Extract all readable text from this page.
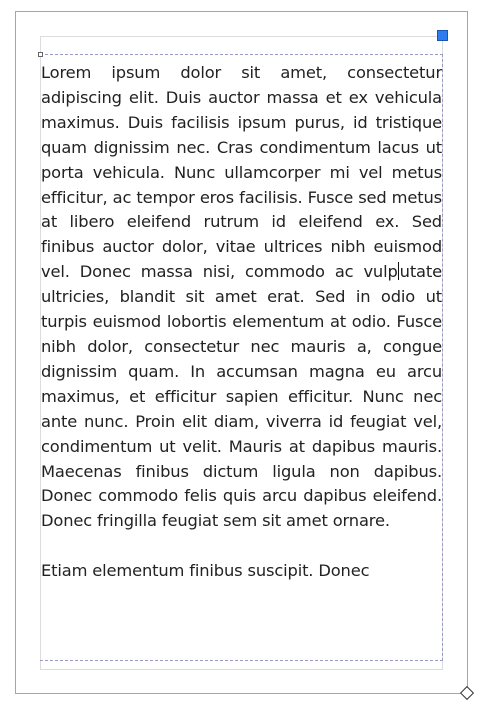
Lorem ipsum dolor sit amet, consectetur adipiscing elit. Duis auctor massa et ex vehicula maximus. Duis facilisis ipsum purus, id tristique quam dignissim nec. Cras condimentum lacus ut porta vehicula. Nunc ullamcorper mi vel metus efficitur, ac tempor eros facilisis. Fusce sed metus at libero eleifend rutrum id eleifend ex. Sed finibus auctor dolor, vitae ultrices nibh euismod vel. Donec massa nisi, commodo ac vulp utate ultricies, blandit sit amet erat. Sed in odio ut turpis euismod lobortis elementum at odio. Fusce nibh dolor, consectetur nec mauris a, congue dignissim quam. In accumsan magna eu arcu maximus, et efficitur sapien efficitur. Nunc nec ante nunc. Proin elit diam, viverra id feugiat vel, condimentum ut velit. Mauris at dapibus mauris. Maecenas finibus dictum ligula non dapibus. Donec commodo felis quis arcu dapibus eleifend. Donec fringilla feugiat sem sit amet ornare.

Etiam elementum finibus suscipit. Donec
